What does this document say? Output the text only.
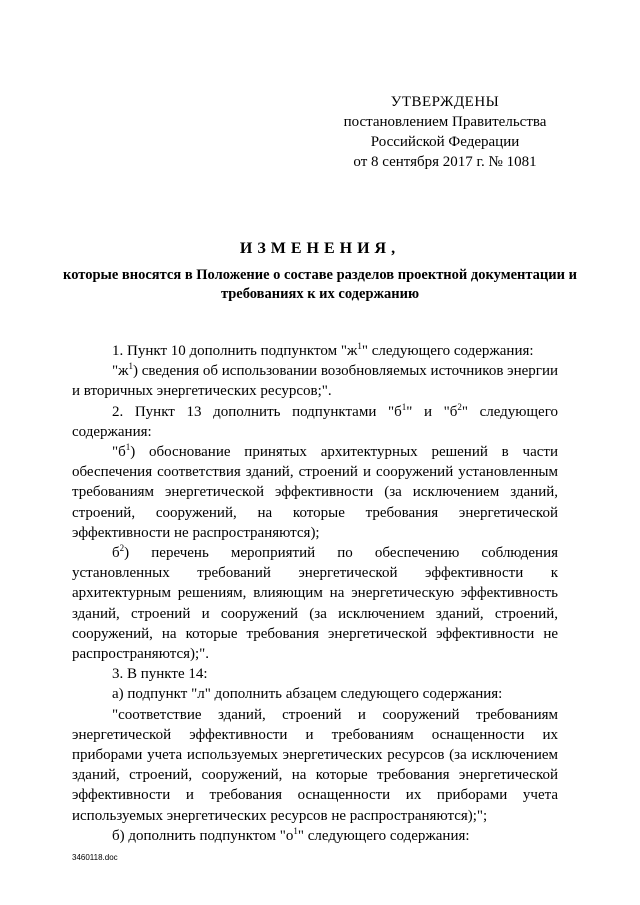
УТВЕРЖДЕНЫ
постановлением Правительства
Российской Федерации
от 8 сентября 2017 г. № 1081
ИЗМЕНЕНИЯ,
которые вносятся в Положение о составе разделов проектной документации и требованиях к их содержанию

1. Пункт 10 дополнить подпунктом "$ж^1$" следующего содержания:

"$ж^1$) сведения об использовании возобновляемых источников энергии и вторичных энергетических ресурсов;".

2. Пункт 13 дополнить подпунктами "$б^1$" и "$б^2$" следующего содержания:

"$б^1$) обоснование принятых архитектурных решений в части обеспечения соответствия зданий, строений и сооружений установленным требованиям энергетической эффективности (за исключением зданий, строений, сооружений, на которые требования энергетической эффективности не распространяются);

$б^2$) перечень мероприятий по обеспечению соблюдения установленных требований энергетической эффективности к архитектурным решениям, влияющим на энергетическую эффективность зданий, строений и сооружений (за исключением зданий, строений, сооружений, на которые требования энергетической эффективности не распространяются);".

3. В пункте 14:

а) подпункт "л" дополнить абзацем следующего содержания:

"соответствие зданий, строений и сооружений требованиям энергетической эффективности и требованиям оснащенности их приборами учета используемых энергетических ресурсов (за исключением зданий, строений, сооружений, на которые требования энергетической эффективности и требования оснащенности их приборами учета используемых энергетических ресурсов не распространяются);";

б) дополнить подпунктом "$о^1$" следующего содержания:

3460118.doc
